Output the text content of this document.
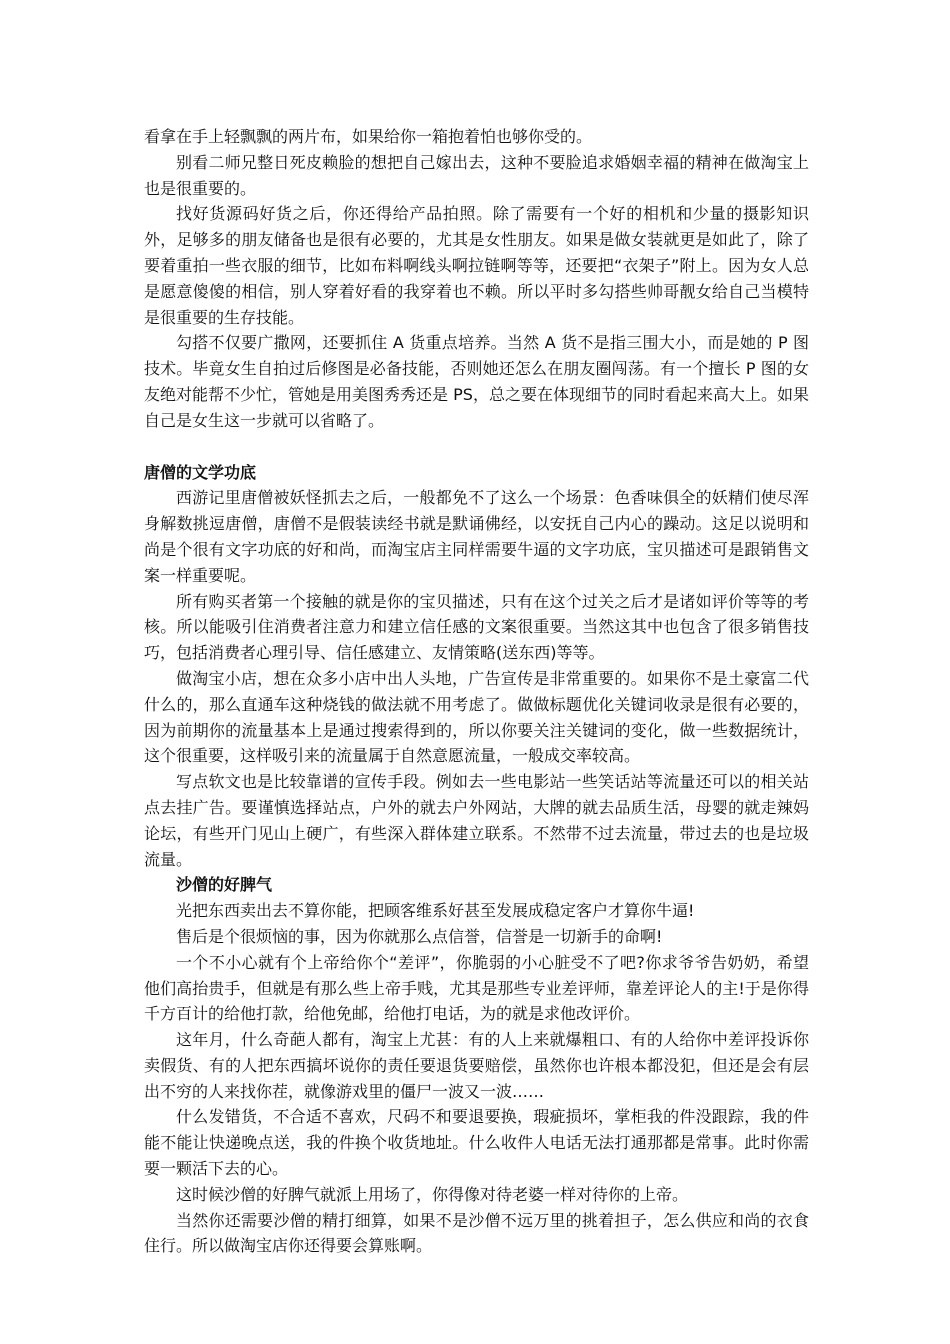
看拿在手上轻飘飘的两片布，如果给你一箱抱着怕也够你受的。

别看二师兄整日死皮赖脸的想把自己嫁出去，这种不要脸追求婚姻幸福的精神在做淘宝上也是很重要的。

找好货源码好货之后，你还得给产品拍照。除了需要有一个好的相机和少量的摄影知识外，足够多的朋友储备也是很有必要的，尤其是女性朋友。如果是做女装就更是如此了，除了要着重拍一些衣服的细节，比如布料啊线头啊拉链啊等等，还要把“衣架子”附上。因为女人总是愿意傻傻的相信，别人穿着好看的我穿着也不赖。所以平时多勾搭些帅哥靓女给自己当模特是很重要的生存技能。

勾搭不仅要广撒网，还要抓住 A 货重点培养。当然 A 货不是指三围大小，而是她的 P 图技术。毕竟女生自拍过后修图是必备技能，否则她还怎么在朋友圈闯荡。有一个擅长 P 图的女友绝对能帮不少忙，管她是用美图秀秀还是 PS，总之要在体现细节的同时看起来高大上。如果自己是女生这一步就可以省略了。

唐僧的文学功底

西游记里唐僧被妖怪抓去之后，一般都免不了这么一个场景：色香味俱全的妖精们使尽浑身解数挑逗唐僧，唐僧不是假装读经书就是默诵佛经，以安抚自己内心的躁动。这足以说明和尚是个很有文字功底的好和尚，而淘宝店主同样需要牛逼的文字功底，宝贝描述可是跟销售文案一样重要呢。

所有购买者第一个接触的就是你的宝贝描述，只有在这个过关之后才是诸如评价等等的考核。所以能吸引住消费者注意力和建立信任感的文案很重要。当然这其中也包含了很多销售技巧，包括消费者心理引导、信任感建立、友情策略(送东西)等等。

做淘宝小店，想在众多小店中出人头地，广告宣传是非常重要的。如果你不是土豪富二代什么的，那么直通车这种烧钱的做法就不用考虑了。做做标题优化关键词收录是很有必要的，因为前期你的流量基本上是通过搜索得到的，所以你要关注关键词的变化，做一些数据统计，这个很重要，这样吸引来的流量属于自然意愿流量，一般成交率较高。

写点软文也是比较靠谱的宣传手段。例如去一些电影站一些笑话站等流量还可以的相关站点去挂广告。要谨慎选择站点，户外的就去户外网站，大牌的就去品质生活，母婴的就走辣妈论坛，有些开门见山上硬广，有些深入群体建立联系。不然带不过去流量，带过去的也是垃圾流量。

沙僧的好脾气

光把东西卖出去不算你能，把顾客维系好甚至发展成稳定客户才算你牛逼!

售后是个很烦恼的事，因为你就那么点信誉，信誉是一切新手的命啊!

一个不小心就有个上帝给你个“差评”，你脆弱的小心脏受不了吧?你求爷爷告奶奶，希望他们高抬贵手，但就是有那么些上帝手贱，尤其是那些专业差评师，靠差评论人的主!于是你得千方百计的给他打款，给他免邮，给他打电话，为的就是求他改评价。

这年月，什么奇葩人都有，淘宝上尤甚：有的人上来就爆粗口、有的人给你中差评投诉你卖假货、有的人把东西搞坏说你的责任要退货要赔偿，虽然你也许根本都没犯，但还是会有层出不穷的人来找你茬，就像游戏里的僵尸一波又一波……

什么发错货，不合适不喜欢，尺码不和要退要换，瑕疵损坏，掌柜我的件没跟踪，我的件能不能让快递晚点送，我的件换个收货地址。什么收件人电话无法打通那都是常事。此时你需要一颗活下去的心。

这时候沙僧的好脾气就派上用场了，你得像对待老婆一样对待你的上帝。

当然你还需要沙僧的精打细算，如果不是沙僧不远万里的挑着担子，怎么供应和尚的衣食住行。所以做淘宝店你还得要会算账啊。
